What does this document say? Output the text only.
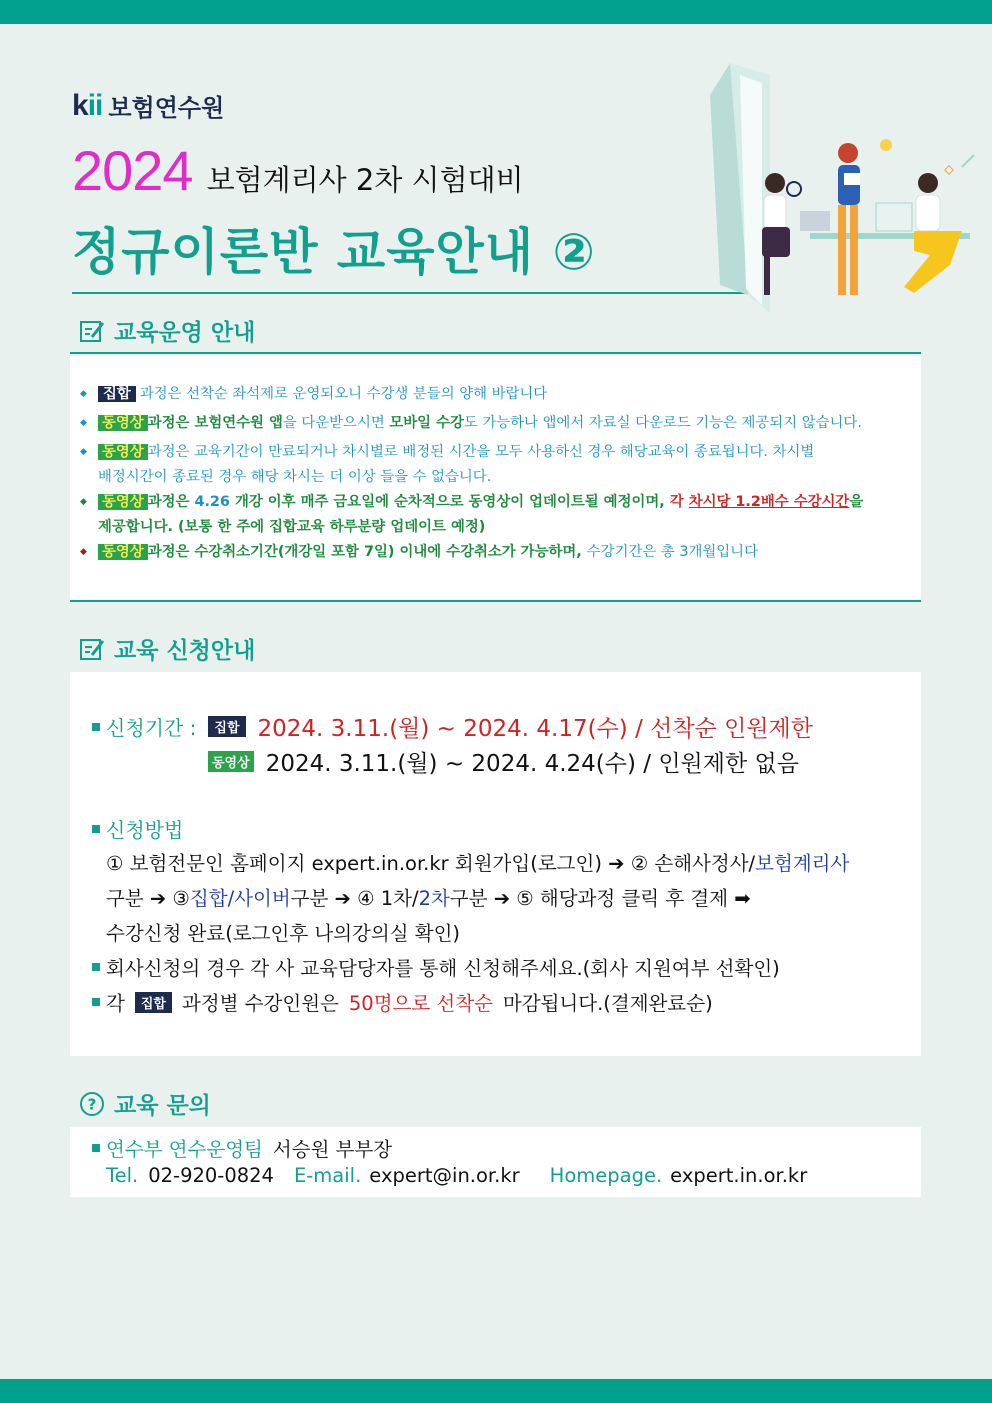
kii 보험연수원
2024 보험계리사 2차 시험대비
정규이론반 교육안내 ②
교육운영 안내
◆	집합 과정은 선착순 좌석제로 운영되오니 수강생 분들의 양해 바랍니다
◆ 동영상 과정은 보험연수원 앱을 다운받으시면 모바일 수강도 가능하나 앱에서 자료실 다운로드 기능은 제공되지 않습니다.
◆ 동영상 과정은 교육기간이 만료되거나 차시별로 배정된 시간을 모두 사용하신 경우 해당교육이 종료됩니다. 차시별
배정시간이 종료된 경우 해당 차시는 더 이상 들을 수 없습니다.
◆ 동영상 과정은 4.26 개강 이후 매주 금요일에 순차적으로 동영상이 업데이트될 예정이며, 각 차시당 1.2배수 수강시간을
제공합니다. (보통 한 주에 집합교육 하루분량 업데이트 예정)
◆ 동영상 과정은 수강취소기간(개강일 포함 7일) 이내에 수강취소가 가능하며, 수강기간은 총 3개월입니다
교육 신청안내
신청기간 :	집합 2024. 3.11.(월) ~ 2024. 4.17(수) / 선착순 인원제한
동영상 2024. 3.11.(월) ~ 2024. 4.24(수) / 인원제한 없음
신청방법
① 보험전문인 홈페이지 expert.in.or.kr 회원가입(로그인) ➔ ② 손해사정사/ 보험계리사
구분 ➔ ③ 집합/사이버 구분 ➔ ④ 1차/ 2차 구분 ➔ ⑤ 해당과정 클릭 후 결제 ➡
수강신청 완료(로그인후 나의강의실 확인)
회사신청의 경우 각 사 교육담당자를 통해 신청해주세요.(회사 지원여부 선확인)
각	집합 과정별 수강인원은 50명으로 선착순 마감됩니다.(결제완료순)
? 교육 문의
연수부 연수운영팀 서승원 부부장
Tel. 02-920-0824 E-mail. expert@in.or.kr Homepage. expert.in.or.kr
